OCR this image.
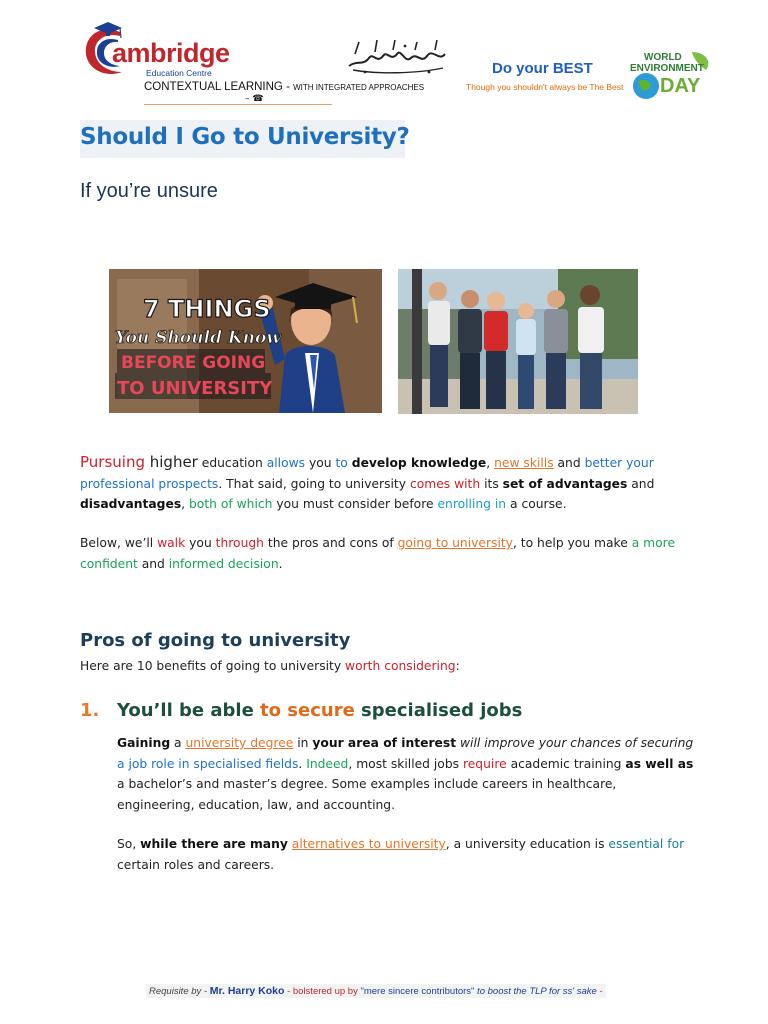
ambridge
Education Centre
CONTEXTUAL LEARNING - WITH INTEGRATED APPROACHES
– ☎
Do your BEST
Though you shouldn't always be The Best
WORLD
ENVIRONMENT
DAY
Should I Go to University?
If you’re unsure
7 THINGS
You Should Know
BEFORE GOING
TO UNIVERSITY

Pursuing higher education allows you to develop knowledge, new skills and better your professional prospects. That said, going to university comes with its set of advantages and disadvantages, both of which you must consider before enrolling in a course.

Below, we’ll walk you through the pros and cons of going to university, to help you make a more confident and informed decision.

Pros of going to university
Here are 10 benefits of going to university worth considering:
1. You’ll be able to secure specialised jobs

Gaining a university degree in your area of interest will improve your chances of securing a job role in specialised fields. Indeed, most skilled jobs require academic training as well as a bachelor’s and master’s degree. Some examples include careers in healthcare, engineering, education, law, and accounting.

So, while there are many alternatives to university, a university education is essential for certain roles and careers.

Requisite by - Mr. Harry Koko - bolstered up by "mere sincere contributors" to boost the TLP for ss' sake -
